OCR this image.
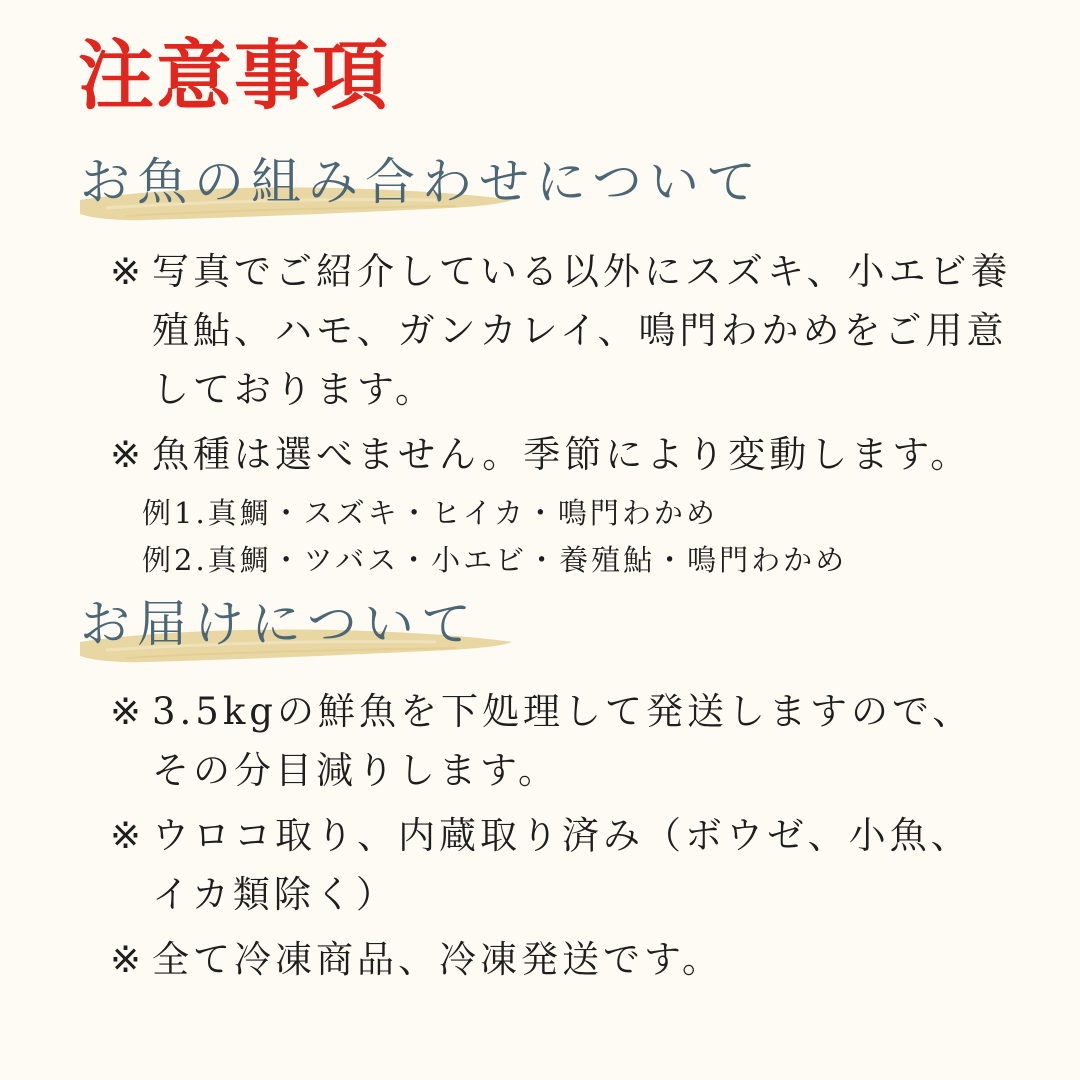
注意事項
お魚の組み合わせについて
※ 写真でご紹介している以外にスズキ、小エビ養殖鮎、ハモ、ガンカレイ、鳴門わかめをご用意しております。
※ 魚種は選べません。季節により変動します。
例1.真鯛・スズキ・ヒイカ・鳴門わかめ
例2.真鯛・ツバス・小エビ・養殖鮎・鳴門わかめ
お届けについて
※ 3.5kgの鮮魚を下処理して発送しますので、その分目減りします。
※ ウロコ取り、内蔵取り済み（ボウゼ、小魚、イカ類除く）
※ 全て冷凍商品、冷凍発送です。
